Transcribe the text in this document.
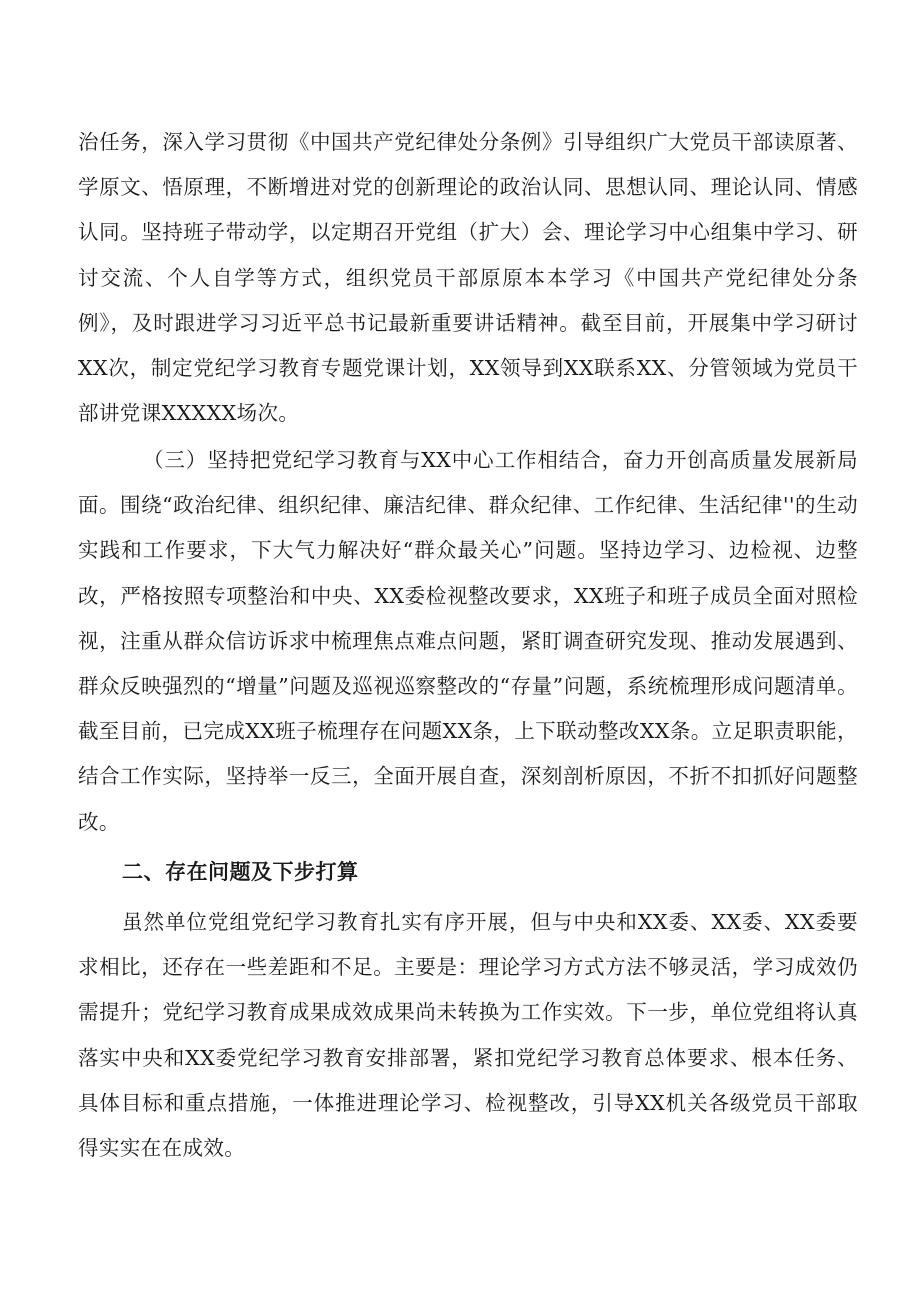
治任务，深入学习贯彻《中国共产党纪律处分条例》引导组织广大党员干部读原著、学原文、悟原理，不断增进对党的创新理论的政治认同、思想认同、理论认同、情感认同。坚持班子带动学，以定期召开党组（扩大）会、理论学习中心组集中学习、研讨交流、个人自学等方式，组织党员干部原原本本学习《中国共产党纪律处分条例》，及时跟进学习习近平总书记最新重要讲话精神。截至目前，开展集中学习研讨XX次，制定党纪学习教育专题党课计划，XX领导到XX联系XX、分管领域为党员干部讲党课XXXXX场次。

（三）坚持把党纪学习教育与XX中心工作相结合，奋力开创高质量发展新局面。围绕“政治纪律、组织纪律、廉洁纪律、群众纪律、工作纪律、生活纪律''的生动实践和工作要求，下大气力解决好“群众最关心”问题。坚持边学习、边检视、边整改，严格按照专项整治和中央、XX委检视整改要求，XX班子和班子成员全面对照检视，注重从群众信访诉求中梳理焦点难点问题，紧盯调查研究发现、推动发展遇到、群众反映强烈的“增量”问题及巡视巡察整改的“存量”问题，系统梳理形成问题清单。截至目前，已完成XX班子梳理存在问题XX条，上下联动整改XX条。立足职责职能，结合工作实际，坚持举一反三，全面开展自查，深刻剖析原因，不折不扣抓好问题整改。

二、存在问题及下步打算

虽然单位党组党纪学习教育扎实有序开展，但与中央和XX委、XX委、XX委要求相比，还存在一些差距和不足。主要是：理论学习方式方法不够灵活，学习成效仍需提升；党纪学习教育成果成效成果尚未转换为工作实效。下一步，单位党组将认真落实中央和XX委党纪学习教育安排部署，紧扣党纪学习教育总体要求、根本任务、具体目标和重点措施，一体推进理论学习、检视整改，引导XX机关各级党员干部取得实实在在成效。
